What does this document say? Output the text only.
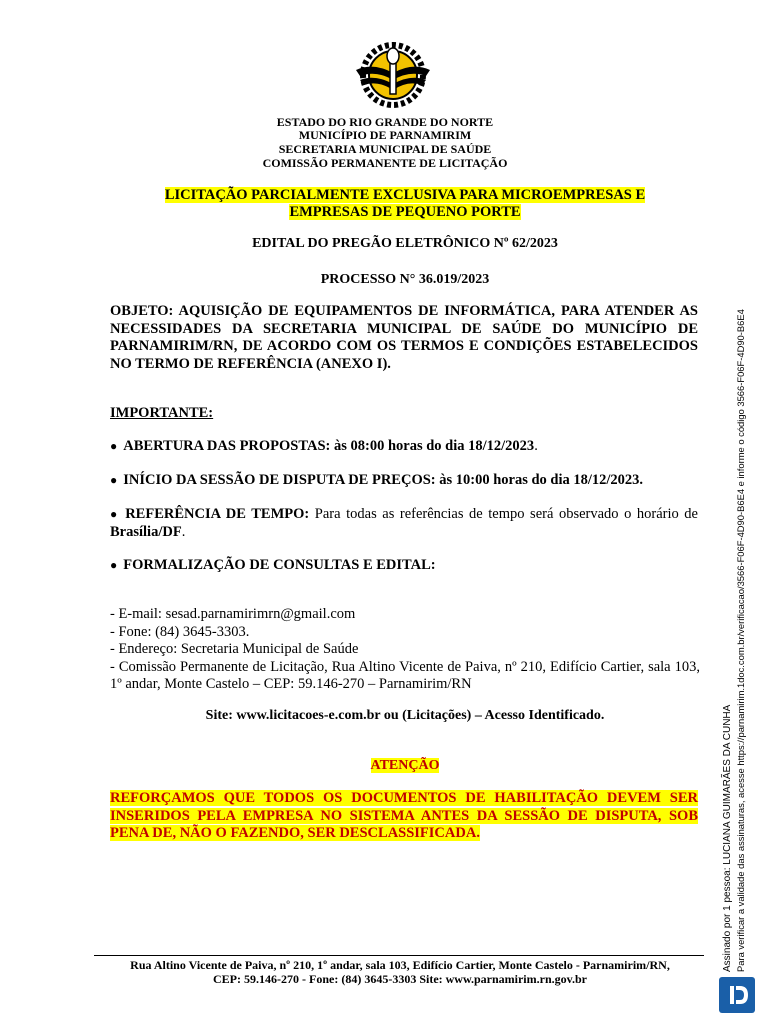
ESTADO DO RIO GRANDE DO NORTE
MUNICÍPIO DE PARNAMIRIM
SECRETARIA MUNICIPAL DE SAÚDE
COMISSÃO PERMANENTE DE LICITAÇÃO
LICITAÇÃO PARCIALMENTE EXCLUSIVA PARA MICROEMPRESAS E
EMPRESAS DE PEQUENO PORTE
EDITAL DO PREGÃO ELETRÔNICO Nº 62/2023
PROCESSO N° 36.019/2023
OBJETO: AQUISIÇÃO DE EQUIPAMENTOS DE INFORMÁTICA, PARA ATENDER AS NECESSIDADES DA SECRETARIA MUNICIPAL DE SAÚDE DO MUNICÍPIO DE PARNAMIRIM/RN, DE ACORDO COM OS TERMOS E CONDIÇÕES ESTABELECIDOS NO TERMO DE REFERÊNCIA (ANEXO I).
IMPORTANTE:
● ABERTURA DAS PROPOSTAS: às 08:00 horas do dia 18/12/2023.
● INÍCIO DA SESSÃO DE DISPUTA DE PREÇOS: às 10:00 horas do dia 18/12/2023.
● REFERÊNCIA DE TEMPO: Para todas as referências de tempo será observado o horário de Brasília/DF.
● FORMALIZAÇÃO DE CONSULTAS E EDITAL:
- E-mail: sesad.parnamirimrn@gmail.com
- Fone: (84) 3645-3303.
- Endereço: Secretaria Municipal de Saúde
- Comissão Permanente de Licitação, Rua Altino Vicente de Paiva, nº 210, Edifício Cartier, sala 103, 1º andar, Monte Castelo – CEP: 59.146-270 – Parnamirim/RN
Site: www.licitacoes-e.com.br ou (Licitações) – Acesso Identificado.
ATENÇÃO
REFORÇAMOS QUE TODOS OS DOCUMENTOS DE HABILITAÇÃO DEVEM SER INSERIDOS PELA EMPRESA NO SISTEMA ANTES DA SESSÃO DE DISPUTA, SOB PENA DE, NÃO O FAZENDO, SER DESCLASSIFICADA.
Rua Altino Vicente de Paiva, nº 210, 1º andar, sala 103, Edifício Cartier, Monte Castelo - Parnamirim/RN,
CEP: 59.146-270 - Fone: (84) 3645-3303 Site: www.parnamirim.rn.gov.br
Assinado por 1 pessoa: LUCIANA GUIMARÃES DA CUNHA Para verificar a validade das assinaturas, acesse https://parnamirim.1doc.com.br/verificacao/3566-F06F-4D90-B6E4 e informe o código 3566-F06F-4D90-B6E4
